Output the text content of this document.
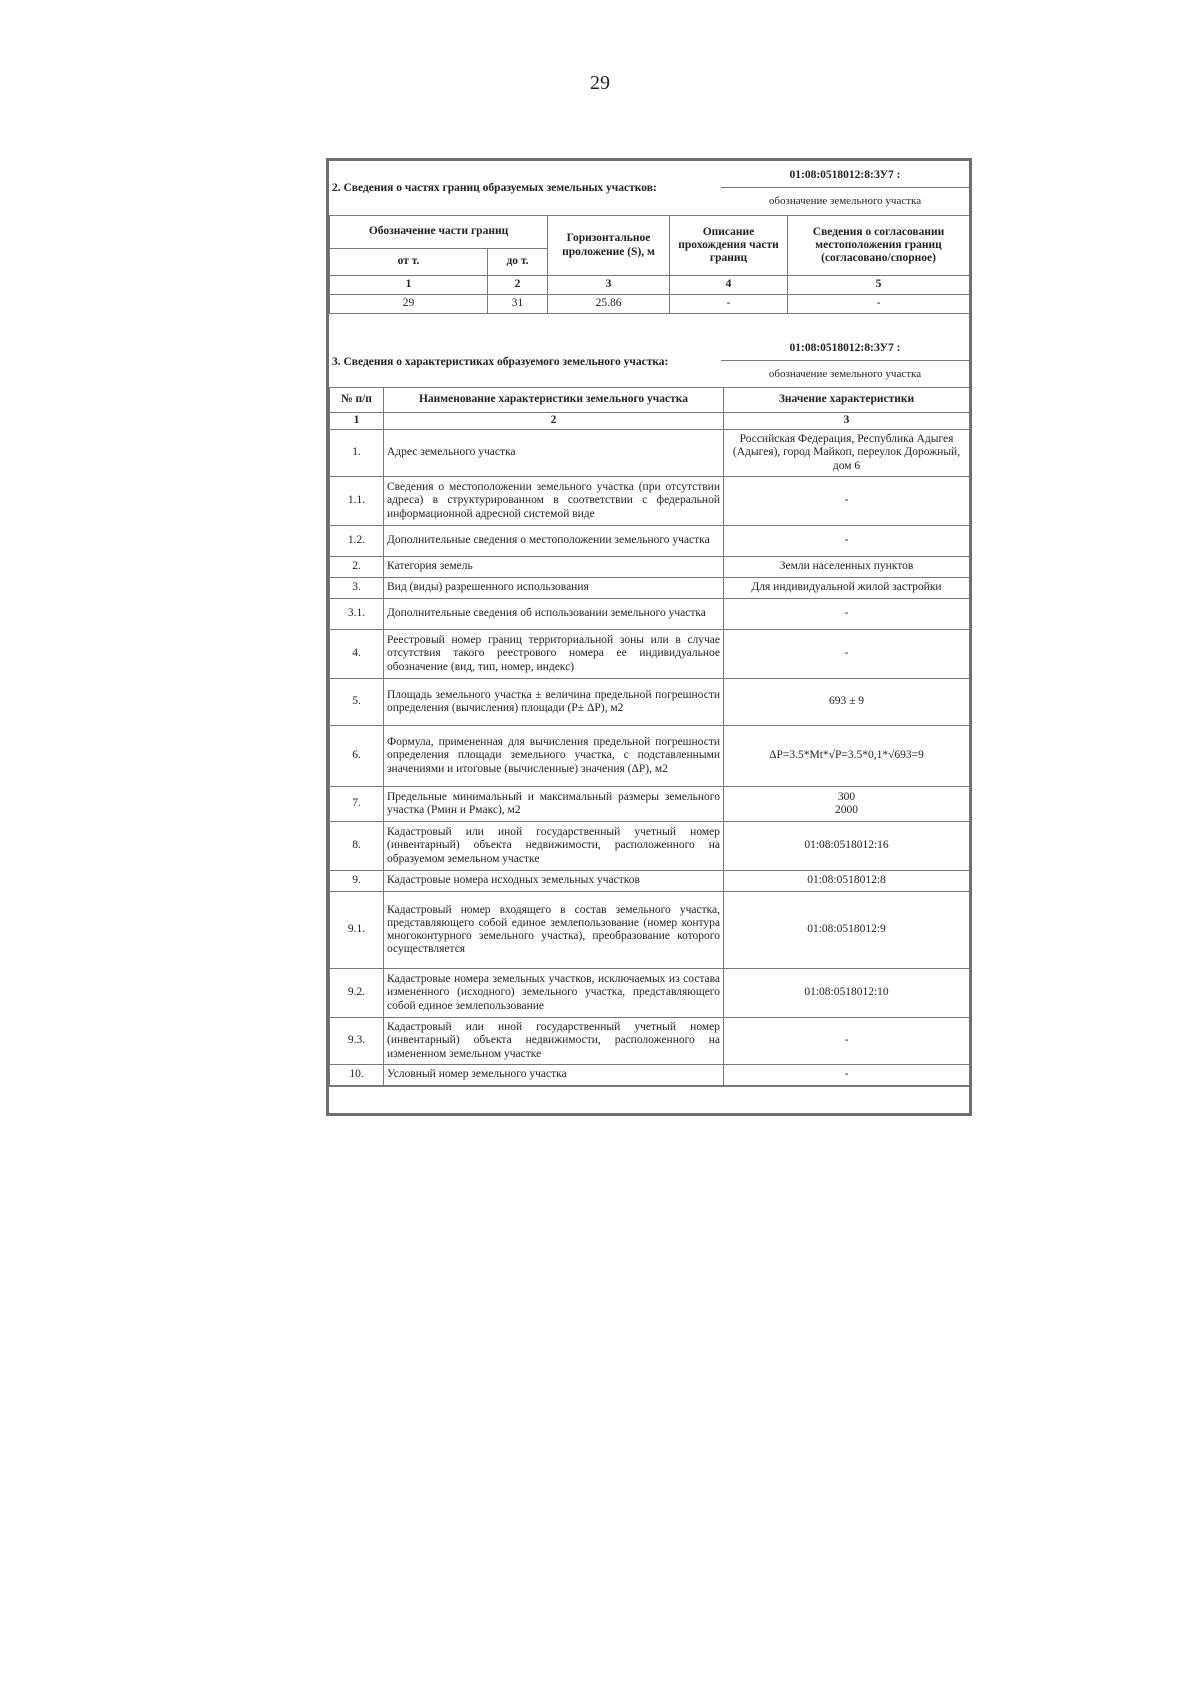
29
2. Сведения о частях границ образуемых земельных участков:	01:08:0518012:8:ЗУ7 :
обозначение земельного участка
Обозначение части границ		Горизонтальное проложение (S), м	Описание прохождения части границ	Сведения о согласовании местоположения границ (согласовано/спорное)
от т.	до т.			
1	2	3	4	5
29	31	25.86	-	-
3. Сведения о характеристиках образуемого земельного участка:	01:08:0518012:8:ЗУ7 :
обозначение земельного участка
№ п/п	Наименование характеристики земельного участка	Значение характеристики
1	2	3
1.	Адрес земельного участка	Российская Федерация, Республика Адыгея (Адыгея), город Майкоп, переулок Дорожный, дом 6
1.1.	Сведения о местоположении земельного участка (при отсутствии адреса) в структурированном в соответствии с федеральной информационной адресной системой виде	-
1.2.	Дополнительные сведения о местоположении земельного участка	-
2.	Категория земель	Земли населенных пунктов
3.	Вид (виды) разрешенного использования	Для индивидуальной жилой застройки
3.1.	Дополнительные сведения об использовании земельного участка	-
4.	Реестровый номер границ территориальной зоны или в случае отсутствия такого реестрового номера ее индивидуальное обозначение (вид, тип, номер, индекс)	-
5.	Площадь земельного участка ± величина предельной погрешности определения (вычисления) площади (P± ΔP), м2	693 ± 9
6.	Формула, примененная для вычисления предельной погрешности определения площади земельного участка, с подставленными значениями и итоговые (вычисленные) значения (ΔP), м2	ΔP=3.5*Mt*√P=3.5*0,1*√693=9
7.	Предельные минимальный и максимальный размеры земельного участка (Pмин и Pмакс), м2	300
2000
8.	Кадастровый или иной государственный учетный номер (инвентарный) объекта недвижимости, расположенного на образуемом земельном участке	01:08:0518012:16
9.	Кадастровые номера исходных земельных участков	01:08:0518012:8
9.1.	Кадастровый номер входящего в состав земельного участка, представляющего собой единое землепользование (номер контура многоконтурного земельного участка), преобразование которого осуществляется	01:08:0518012:9
9.2.	Кадастровые номера земельных участков, исключаемых из состава измененного (исходного) земельного участка, представляющего собой единое землепользование	01:08:0518012:10
9.3.	Кадастровый или иной государственный учетный номер (инвентарный) объекта недвижимости, расположенного на измененном земельном участке	-
10.	Условный номер земельного участка	-
